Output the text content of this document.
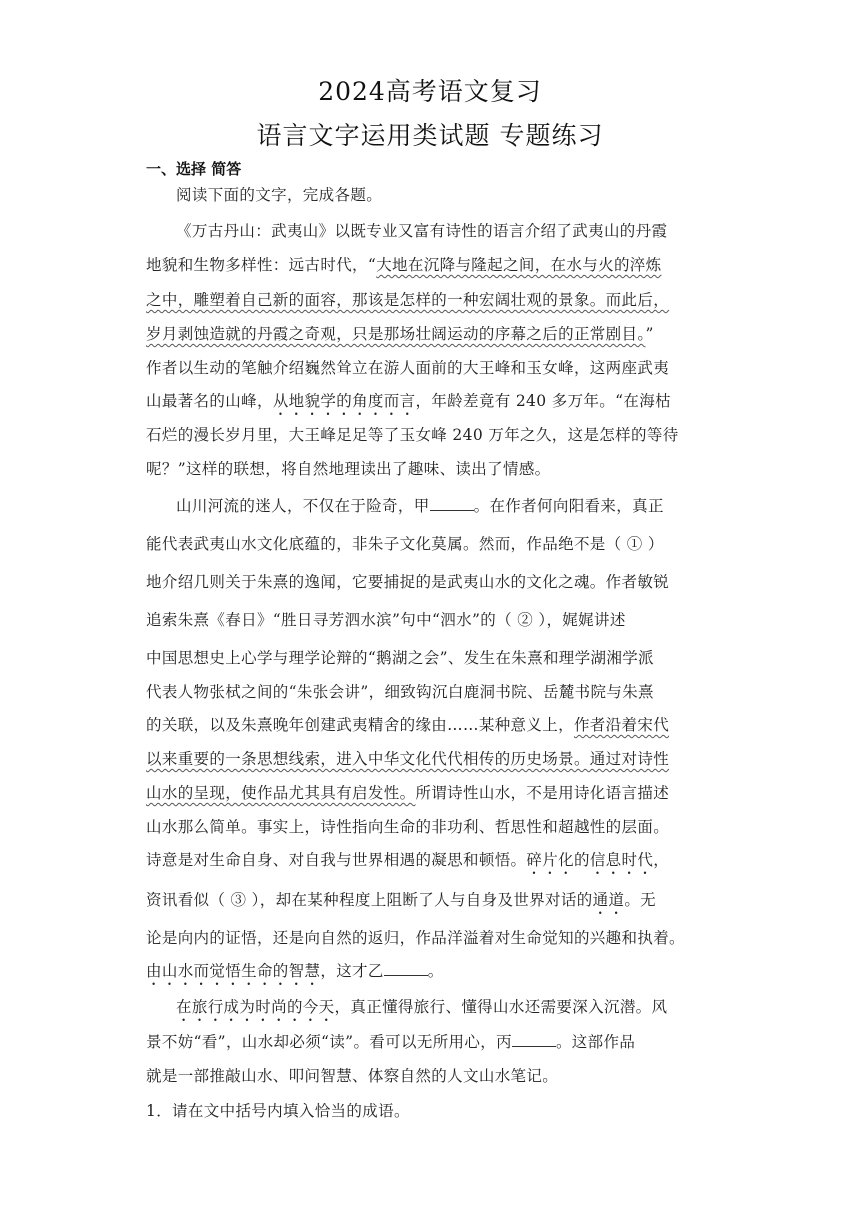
2024高考语文复习
语言文字运用类试题 专题练习
一、选择 简答
阅读下面的文字，完成各题。
《万古丹山：武夷山》以既专业又富有诗性的语言介绍了武夷山的丹霞
地貌和生物多样性：远古时代，“大地在沉降与隆起之间，在水与火的淬炼
之中，雕塑着自己新的面容，那该是怎样的一种宏阔壮观的景象。而此后，
岁月剥蚀造就的丹霞之奇观，只是那场壮阔运动的序幕之后的正常剧目。”
作者以生动的笔触介绍巍然耸立在游人面前的大王峰和玉女峰，这两座武夷
山最著名的山峰，从地貌学的角度而言，年龄差竟有 240 多万年。“在海枯
石烂的漫长岁月里，大王峰足足等了玉女峰 240 万年之久，这是怎样的等待
呢？”这样的联想，将自然地理读出了趣味、读出了情感。
山川河流的迷人，不仅在于险奇，甲	。在作者何向阳看来，真正
能代表武夷山水文化底蕴的，非朱子文化莫属。然而，作品绝不是（ ① ）
地介绍几则关于朱熹的逸闻，它要捕捉的是武夷山水的文化之魂。作者敏锐
追索朱熹《春日》“胜日寻芳泗水滨”句中“泗水”的（ ② ），娓娓讲述
中国思想史上心学与理学论辩的“鹅湖之会”、发生在朱熹和理学湖湘学派
代表人物张栻之间的“朱张会讲”，细致钩沉白鹿洞书院、岳麓书院与朱熹
的关联，以及朱熹晚年创建武夷精舍的缘由……某种意义上，作者沿着宋代
以来重要的一条思想线索，进入中华文化代代相传的历史场景。通过对诗性
山水的呈现，使作品尤其具有启发性。所谓诗性山水，不是用诗化语言描述
山水那么简单。事实上，诗性指向生命的非功利、哲思性和超越性的层面。
诗意是对生命自身、对自我与世界相遇的凝思和顿悟。碎片化的信息时代，
资讯看似（ ③ ），却在某种程度上阻断了人与自身及世界对话的通道。无
论是向内的证悟，还是向自然的返归，作品洋溢着对生命觉知的兴趣和执着。
由山水而觉悟生命的智慧，这才乙	。
在旅行成为时尚的今天，真正懂得旅行、懂得山水还需要深入沉潜。风
景不妨“看”，山水却必须“读”。看可以无所用心，丙	。这部作品
就是一部推敲山水、叩问智慧、体察自然的人文山水笔记。
1．请在文中括号内填入恰当的成语。
